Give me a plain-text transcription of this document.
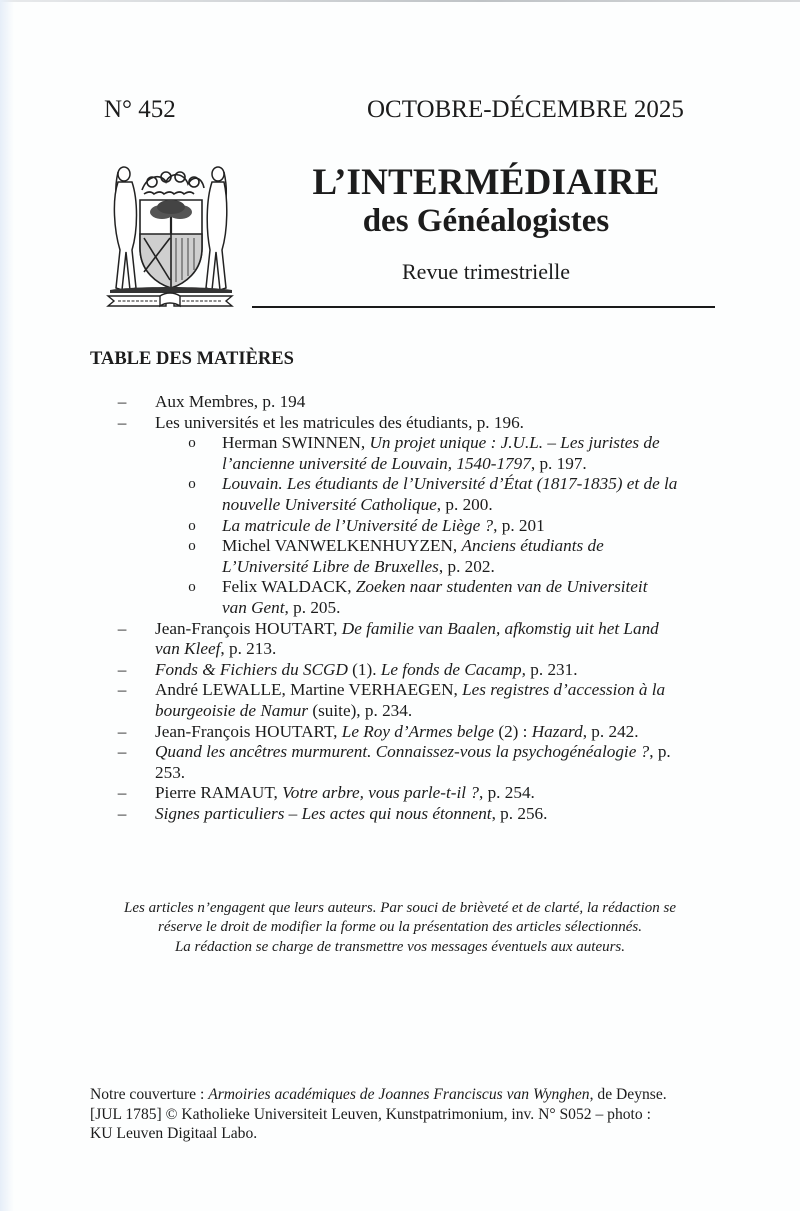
N° 452	OCTOBRE-DÉCEMBRE 2025
L’INTERMÉDIAIRE
des Généalogistes
Revue trimestrielle
TABLE DES MATIÈRES
–	Aux Membres, p. 194
–	Les universités et les matricules des étudiants, p. 196.
o	Herman SWINNEN, Un projet unique : J.U.L. – Les juristes de
l’ancienne université de Louvain, 1540-1797, p. 197.
o	Louvain. Les étudiants de l’Université d’État (1817-1835) et de la
nouvelle Université Catholique, p. 200.
o	La matricule de l’Université de Liège ?, p. 201
o	Michel VANWELKENHUYZEN, Anciens étudiants de
L’Université Libre de Bruxelles, p. 202.
o	Felix WALDACK, Zoeken naar studenten van de Universiteit
van Gent, p. 205.
–	Jean-François HOUTART, De familie van Baalen, afkomstig uit het Land
van Kleef, p. 213.
–	Fonds & Fichiers du SCGD (1). Le fonds de Cacamp, p. 231.
–	André LEWALLE, Martine VERHAEGEN, Les registres d’accession à la
bourgeoisie de Namur (suite), p. 234.
–	Jean-François HOUTART, Le Roy d’Armes belge (2) : Hazard, p. 242.
–	Quand les ancêtres murmurent. Connaissez-vous la psychogénéalogie ?, p.
253.
–	Pierre RAMAUT, Votre arbre, vous parle-t-il ?, p. 254.
–	Signes particuliers – Les actes qui nous étonnent, p. 256.
Les articles n’engagent que leurs auteurs. Par souci de brièveté et de clarté, la rédaction se
réserve le droit de modifier la forme ou la présentation des articles sélectionnés.
La rédaction se charge de transmettre vos messages éventuels aux auteurs.
Notre couverture : Armoiries académiques de Joannes Franciscus van Wynghen, de Deynse.
[JUL 1785] © Katholieke Universiteit Leuven, Kunstpatrimonium, inv. N° S052 – photo :
KU Leuven Digitaal Labo.
